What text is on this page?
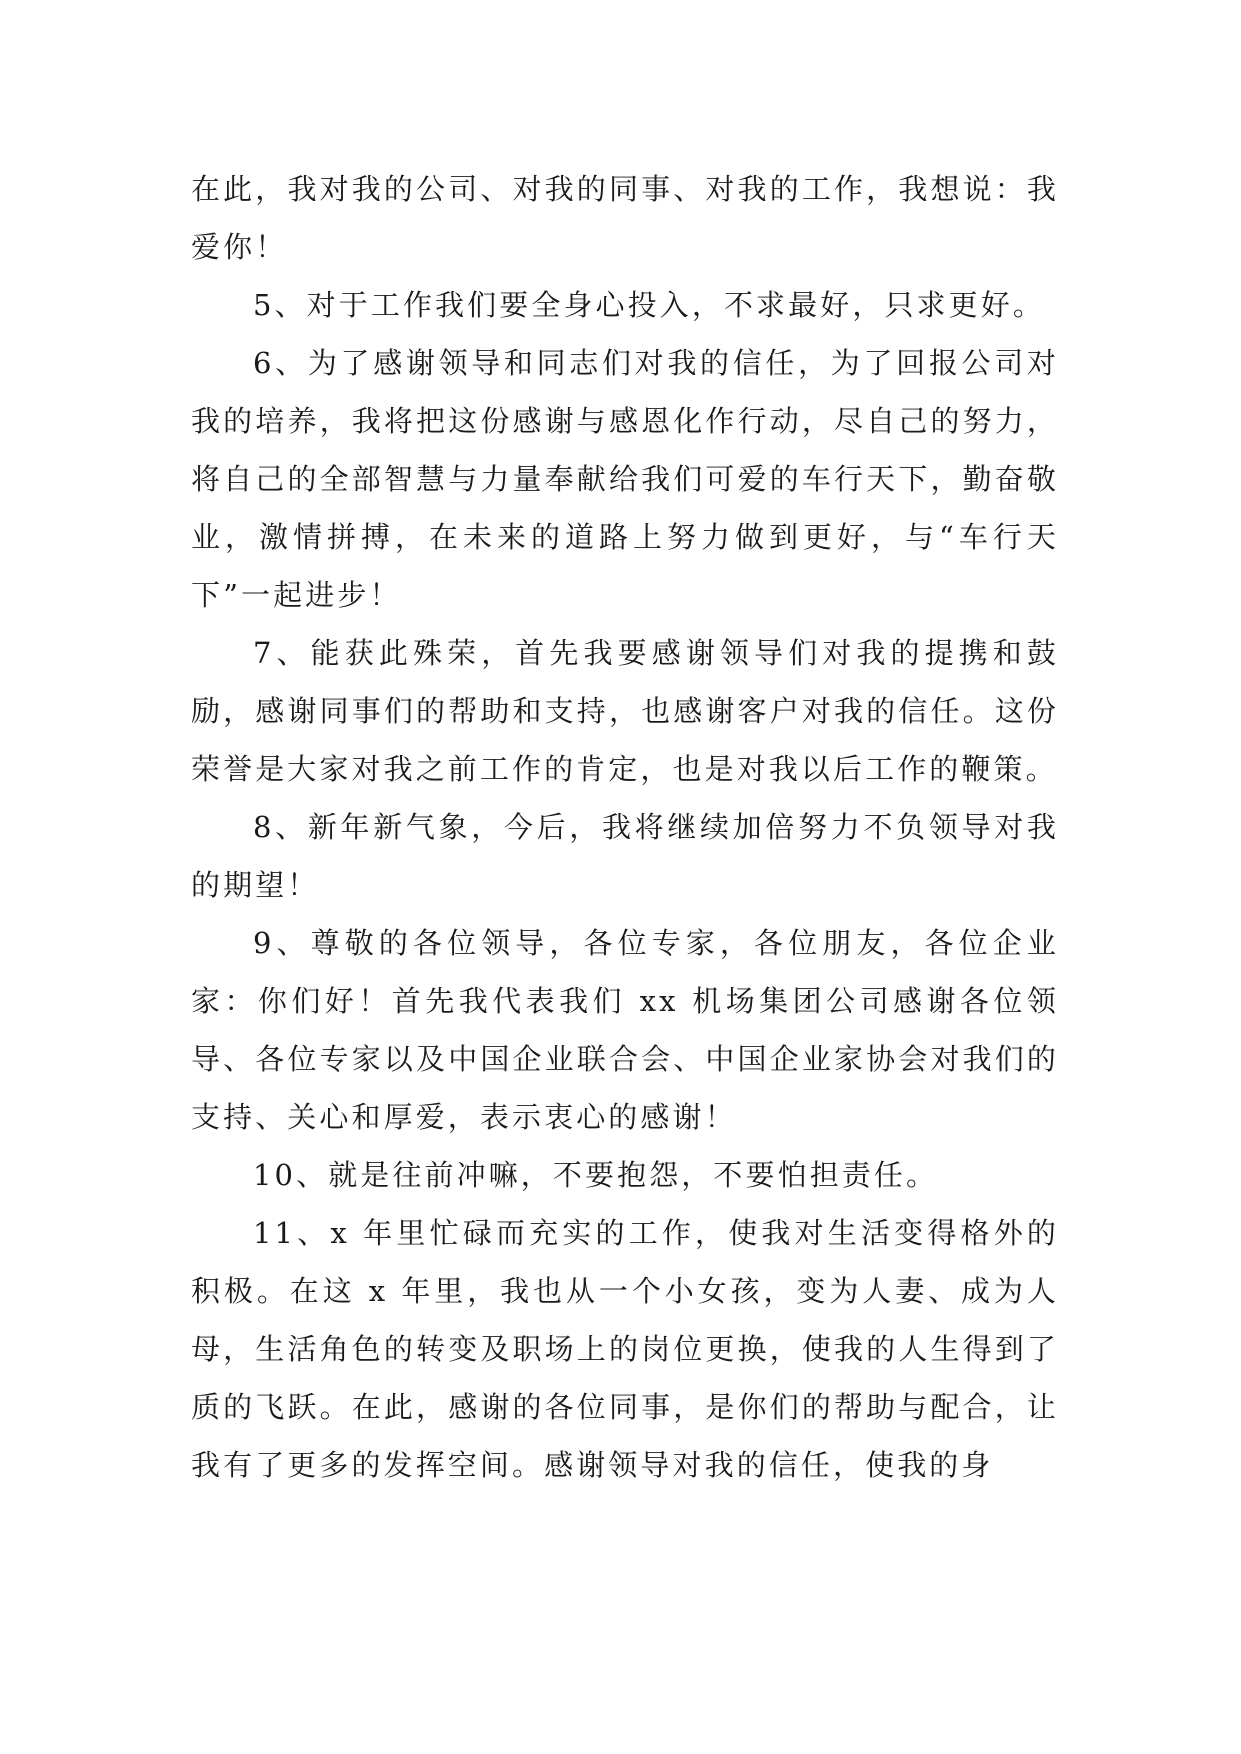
在此，我对我的公司、对我的同事、对我的工作，我想说：我爱你！

5、对于工作我们要全身心投入，不求最好，只求更好。

6、为了感谢领导和同志们对我的信任，为了回报公司对我的培养，我将把这份感谢与感恩化作行动，尽自己的努力，将自己的全部智慧与力量奉献给我们可爱的车行天下，勤奋敬业，激情拼搏，在未来的道路上努力做到更好，与“车行天下”一起进步！

7、能获此殊荣，首先我要感谢领导们对我的提携和鼓励，感谢同事们的帮助和支持，也感谢客户对我的信任。这份荣誉是大家对我之前工作的肯定，也是对我以后工作的鞭策。

8、新年新气象，今后，我将继续加倍努力不负领导对我的期望！

9、尊敬的各位领导，各位专家，各位朋友，各位企业家：你们好！首先我代表我们 xx 机场集团公司感谢各位领导、各位专家以及中国企业联合会、中国企业家协会对我们的支持、关心和厚爱，表示衷心的感谢！

10、就是往前冲嘛，不要抱怨，不要怕担责任。

11、x 年里忙碌而充实的工作，使我对生活变得格外的积极。在这 x 年里，我也从一个小女孩，变为人妻、成为人母，生活角色的转变及职场上的岗位更换，使我的人生得到了质的飞跃。在此，感谢的各位同事，是你们的帮助与配合，让我有了更多的发挥空间。感谢领导对我的信任，使我的身
